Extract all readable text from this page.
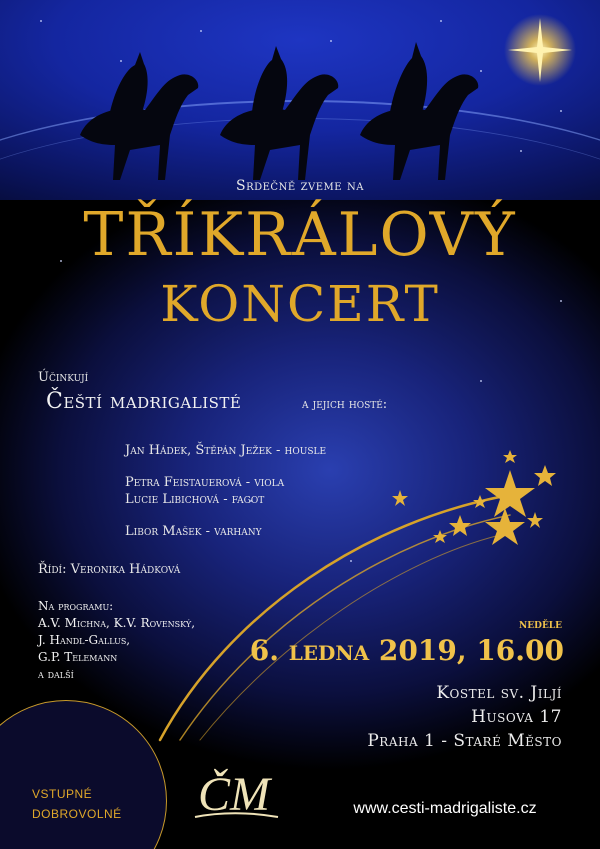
Srdečně zveme na
TŘÍKRÁLOVÝ
KONCERT
Účinkují
Čeští madrigalisté	a jejich hosté:
Jan Hádek, Štěpán Ježek - housle
Petra Feistauerová - viola
Lucie Libichová - fagot
Libor Mašek - varhany
Řídí: Veronika Hádková
Na programu:
A.V. Michna, K.V. Rovenský,
J. Handl-Gallus,
G.P. Telemann
a další
neděle
6. ledna 2019, 16.00
Kostel sv. Jiljí
Husova 17
Praha 1 - Staré Město
VSTUPNÉ
DOBROVOLNÉ ČM	www.cesti-madrigaliste.cz
